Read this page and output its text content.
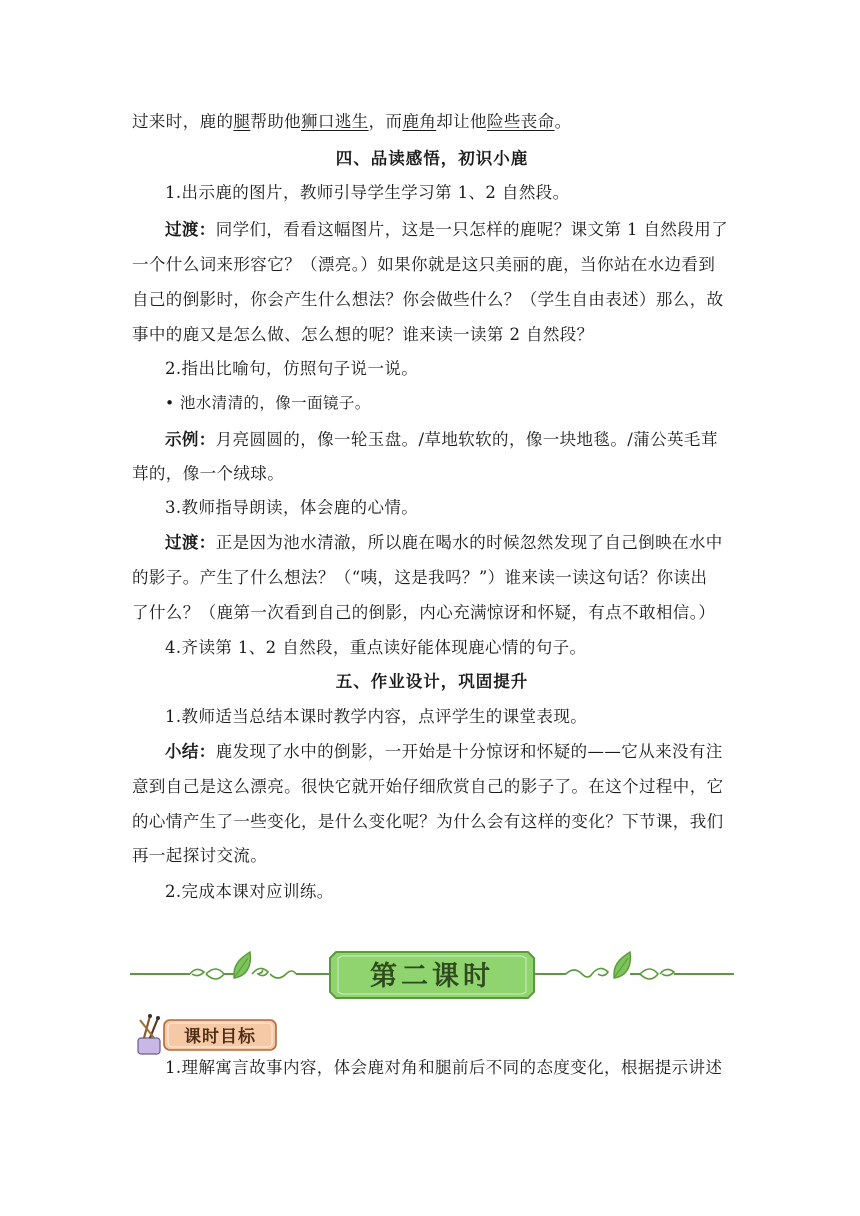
过来时，鹿的腿帮助他狮口逃生，而鹿角却让他险些丧命。
四、品读感悟，初识小鹿
1.出示鹿的图片，教师引导学生学习第 1、2 自然段。
过渡：同学们，看看这幅图片，这是一只怎样的鹿呢？课文第 1 自然段用了
一个什么词来形容它？（漂亮。）如果你就是这只美丽的鹿，当你站在水边看到
自己的倒影时，你会产生什么想法？你会做些什么？（学生自由表述）那么，故
事中的鹿又是怎么做、怎么想的呢？谁来读一读第 2 自然段？
2.指出比喻句，仿照句子说一说。
• 池水清清的，像一面镜子。
示例：月亮圆圆的，像一轮玉盘。/草地软软的，像一块地毯。/蒲公英毛茸
茸的，像一个绒球。
3.教师指导朗读，体会鹿的心情。
过渡：正是因为池水清澈，所以鹿在喝水的时候忽然发现了自己倒映在水中
的影子。产生了什么想法？（“咦，这是我吗？”）谁来读一读这句话？你读出
了什么？（鹿第一次看到自己的倒影，内心充满惊讶和怀疑，有点不敢相信。）
4.齐读第 1、2 自然段，重点读好能体现鹿心情的句子。
五、作业设计，巩固提升
1.教师适当总结本课时教学内容，点评学生的课堂表现。
小结：鹿发现了水中的倒影，一开始是十分惊讶和怀疑的——它从来没有注
意到自己是这么漂亮。很快它就开始仔细欣赏自己的影子了。在这个过程中，它
的心情产生了一些变化，是什么变化呢？为什么会有这样的变化？下节课，我们
再一起探讨交流。
2.完成本课对应训练。
第二课时
课时目标
1.理解寓言故事内容，体会鹿对角和腿前后不同的态度变化，根据提示讲述
